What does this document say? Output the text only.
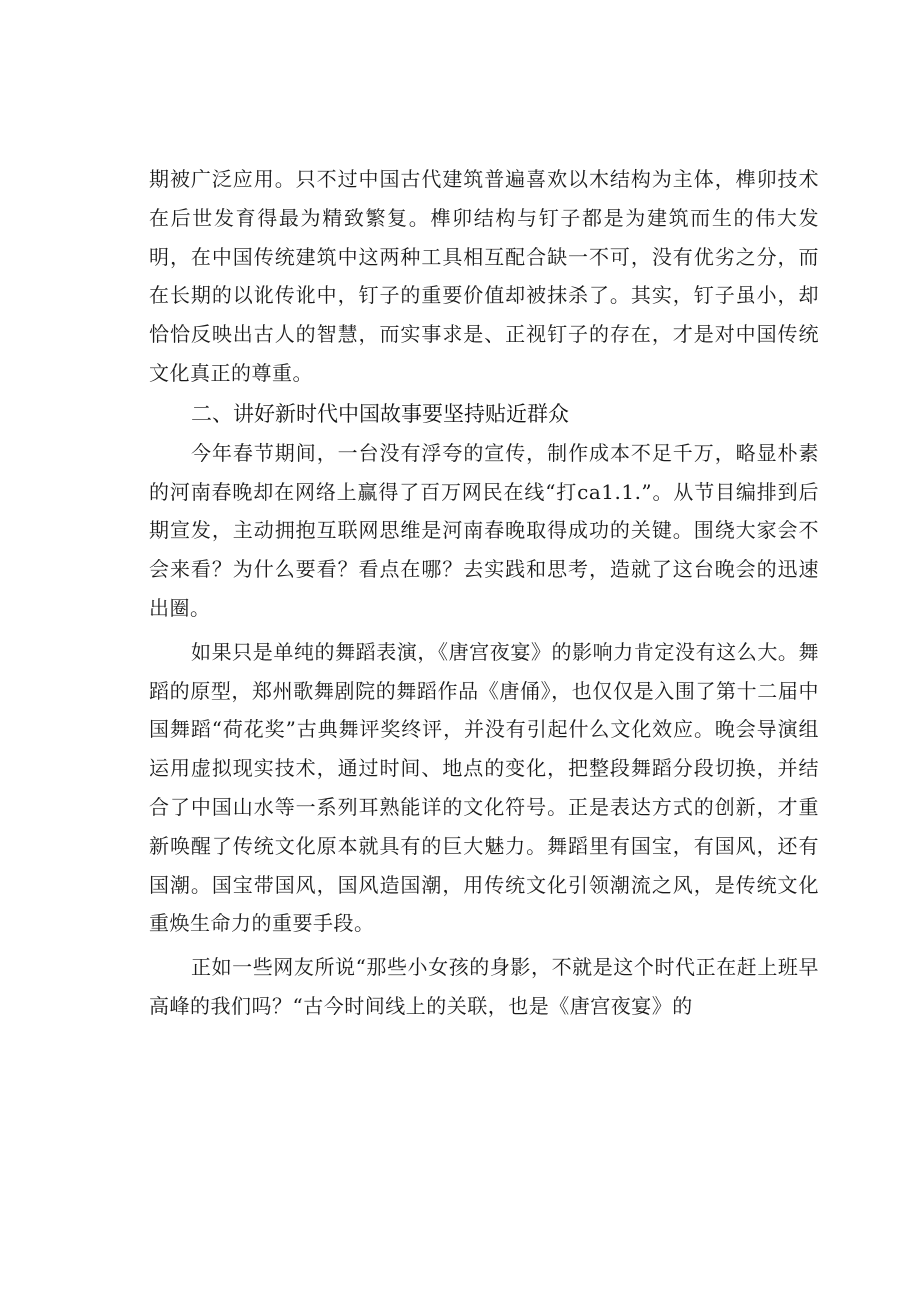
期被广泛应用。只不过中国古代建筑普遍喜欢以木结构为主体，榫卯技术在后世发育得最为精致繁复。榫卯结构与钉子都是为建筑而生的伟大发明，在中国传统建筑中这两种工具相互配合缺一不可，没有优劣之分，而在长期的以讹传讹中，钉子的重要价值却被抹杀了。其实，钉子虽小，却恰恰反映出古人的智慧，而实事求是、正视钉子的存在，才是对中国传统文化真正的尊重。

二、讲好新时代中国故事要坚持贴近群众

今年春节期间，一台没有浮夸的宣传，制作成本不足千万，略显朴素的河南春晚却在网络上赢得了百万网民在线“打ca1.1.”。从节目编排到后期宣发，主动拥抱互联网思维是河南春晚取得成功的关键。围绕大家会不会来看？为什么要看？看点在哪？去实践和思考，造就了这台晚会的迅速出圈。

如果只是单纯的舞蹈表演，《唐宫夜宴》的影响力肯定没有这么大。舞蹈的原型，郑州歌舞剧院的舞蹈作品《唐俑》，也仅仅是入围了第十二届中国舞蹈“荷花奖”古典舞评奖终评，并没有引起什么文化效应。晚会导演组运用虚拟现实技术，通过时间、地点的变化，把整段舞蹈分段切换，并结合了中国山水等一系列耳熟能详的文化符号。正是表达方式的创新，才重新唤醒了传统文化原本就具有的巨大魅力。舞蹈里有国宝，有国风，还有国潮。国宝带国风，国风造国潮，用传统文化引领潮流之风，是传统文化重焕生命力的重要手段。

正如一些网友所说“那些小女孩的身影，不就是这个时代正在赶上班早高峰的我们吗？“古今时间线上的关联，也是《唐宫夜宴》的
